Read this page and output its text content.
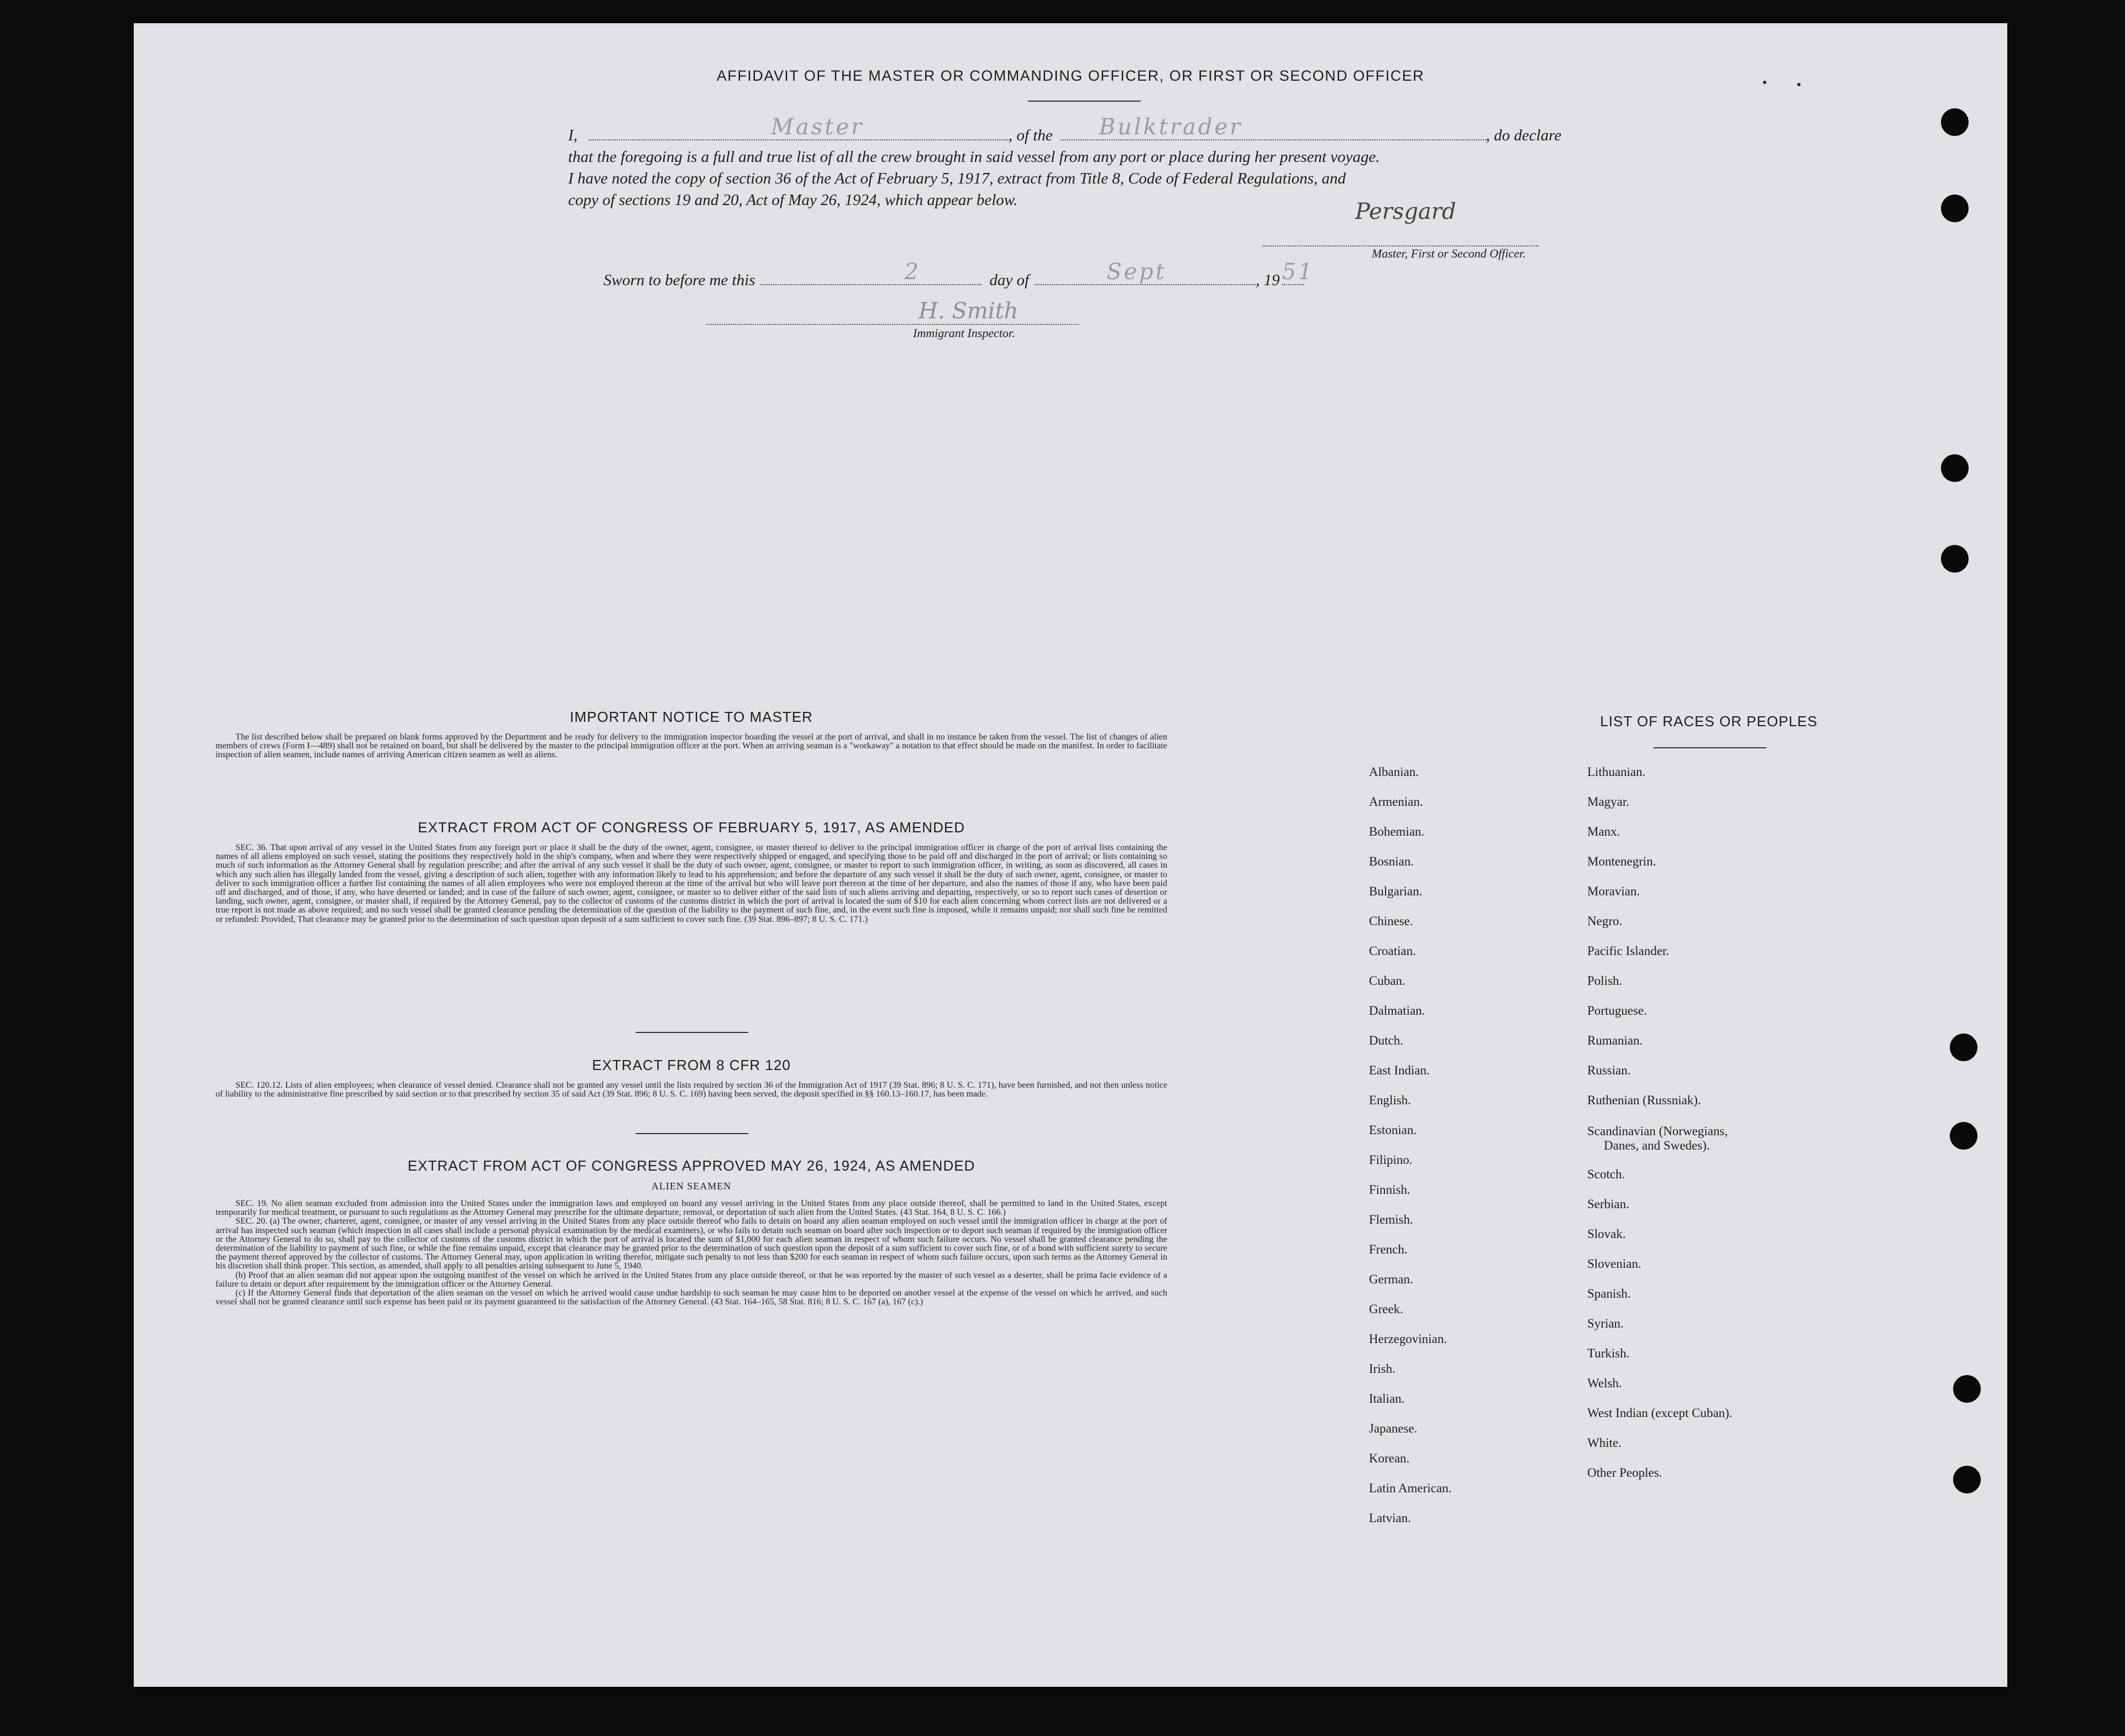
AFFIDAVIT OF THE MASTER OR COMMANDING OFFICER, OR FIRST OR SECOND OFFICER
I,	Master	, of the Bulktrader	, do declare
that the foregoing is a full and true list of all the crew brought in said vessel from any port or place during her present voyage.
I have noted the copy of section 36 of the Act of February 5, 1917, extract from Title 8, Code of Federal Regulations, and
copy of sections 19 and 20, Act of May 26, 1924, which appear below.	Persgard
Master, First or Second Officer.
Sworn to before me this	2	day of	Sept	, 19 51
H. Smith
Immigrant Inspector.
IMPORTANT NOTICE TO MASTER

The list described below shall be prepared on blank forms approved by the Department and be ready for delivery to the immigration inspector boarding the vessel at the port of arrival, and shall in no instance be taken from the vessel. The list of changes of alien members of crews (Form I—489) shall not be retained on board, but shall be delivered by the master to the principal immigration officer at the port. When an arriving seaman is a "workaway" a notation to that effect should be made on the manifest. In order to facilitate inspection of alien seamen, include names of arriving American citizen seamen as well as aliens.

EXTRACT FROM ACT OF CONGRESS OF FEBRUARY 5, 1917, AS AMENDED

SEC. 36. That upon arrival of any vessel in the United States from any foreign port or place it shall be the duty of the owner, agent, consignee, or master thereof to deliver to the principal immigration officer in charge of the port of arrival lists containing the names of all aliens employed on such vessel, stating the positions they respectively hold in the ship's company, when and where they were respectively shipped or engaged, and specifying those to be paid off and discharged in the port of arrival; or lists containing so much of such information as the Attorney General shall by regulation prescribe; and after the arrival of any such vessel it shall be the duty of such owner, agent, consignee, or master to report to such immigration officer, in writing, as soon as discovered, all cases in which any such alien has illegally landed from the vessel, giving a description of such alien, together with any information likely to lead to his apprehension; and before the departure of any such vessel it shall be the duty of such owner, agent, consignee, or master to deliver to such immigration officer a further list containing the names of all alien employees who were not employed thereon at the time of the arrival but who will leave port thereon at the time of her departure, and also the names of those if any, who have been paid off and discharged, and of those, if any, who have deserted or landed; and in case of the failure of such owner, agent, consignee, or master so to deliver either of the said lists of such aliens arriving and departing, respectively, or so to report such cases of desertion or landing, such owner, agent, consignee, or master shall, if required by the Attorney General, pay to the collector of customs of the customs district in which the port of arrival is located the sum of $10 for each alien concerning whom correct lists are not delivered or a true report is not made as above required; and no such vessel shall be granted clearance pending the determination of the question of the liability to the payment of such fine, and, in the event such fine is imposed, while it remains unpaid; nor shall such fine be remitted or refunded: Provided, That clearance may be granted prior to the determination of such question upon deposit of a sum sufficient to cover such fine. (39 Stat. 896–897; 8 U. S. C. 171.)

EXTRACT FROM 8 CFR 120

SEC. 120.12. Lists of alien employees; when clearance of vessel denied. Clearance shall not be granted any vessel until the lists required by section 36 of the Immigration Act of 1917 (39 Stat. 896; 8 U. S. C. 171), have been furnished, and not then unless notice of liability to the administrative fine prescribed by said section or to that prescribed by section 35 of said Act (39 Stat. 896; 8 U. S. C. 169) having been served, the deposit specified in §§ 160.13–160.17, has been made.

EXTRACT FROM ACT OF CONGRESS APPROVED MAY 26, 1924, AS AMENDED
ALIEN SEAMEN

SEC. 19. No alien seaman excluded from admission into the United States under the immigration laws and employed on board any vessel arriving in the United States from any place outside thereof, shall be permitted to land in the United States, except temporarily for medical treatment, or pursuant to such regulations as the Attorney General may prescribe for the ultimate departure, removal, or deportation of such alien from the United States. (43 Stat. 164, 8 U. S. C. 166.)

SEC. 20. (a) The owner, charterer, agent, consignee, or master of any vessel arriving in the United States from any place outside thereof who fails to detain on board any alien seaman employed on such vessel until the immigration officer in charge at the port of arrival has inspected such seaman (which inspection in all cases shall include a personal physical examination by the medical examiners), or who fails to detain such seaman on board after such inspection or to deport such seaman if required by the immigration officer or the Attorney General to do so, shall pay to the collector of customs of the customs district in which the port of arrival is located the sum of $1,000 for each alien seaman in respect of whom such failure occurs. No vessel shall be granted clearance pending the determination of the liability to payment of such fine, or while the fine remains unpaid, except that clearance may be granted prior to the determination of such question upon the deposit of a sum sufficient to cover such fine, or of a bond with sufficient surety to secure the payment thereof approved by the collector of customs. The Attorney General may, upon application in writing therefor, mitigate such penalty to not less than $200 for each seaman in respect of whom such failure occurs, upon such terms as the Attorney General in his discretion shall think proper. This section, as amended, shall apply to all penalties arising subsequent to June 5, 1940.

(b) Proof that an alien seaman did not appear upon the outgoing manifest of the vessel on which he arrived in the United States from any place outside thereof, or that he was reported by the master of such vessel as a deserter, shall be prima facie evidence of a failure to detain or deport after requirement by the immigration officer or the Attorney General.

(c) If the Attorney General finds that deportation of the alien seaman on the vessel on which he arrived would cause undue hardship to such seaman he may cause him to be deported on another vessel at the expense of the vessel on which he arrived, and such vessel shall not be granted clearance until such expense has been paid or its payment guaranteed to the satisfaction of the Attorney General. (43 Stat. 164–165, 58 Stat. 816; 8 U. S. C. 167 (a), 167 (c).)

LIST OF RACES OR PEOPLES
Albanian.
Armenian.
Bohemian.
Bosnian.
Bulgarian.
Chinese.
Croatian.
Cuban.
Dalmatian.
Dutch.
East Indian.
English.
Estonian.
Filipino.
Finnish.
Flemish.
French.
German.
Greek.
Herzegovinian.
Irish.
Italian.
Japanese.
Korean.
Latin American.
Latvian.
Lithuanian.
Magyar.
Manx.
Montenegrin.
Moravian.
Negro.
Pacific Islander.
Polish.
Portuguese.
Rumanian.
Russian.
Ruthenian (Russniak).
Scandinavian (Norwegians,
Danes, and Swedes).
Scotch.
Serbian.
Slovak.
Slovenian.
Spanish.
Syrian.
Turkish.
Welsh.
West Indian (except Cuban).
White.
Other Peoples.
